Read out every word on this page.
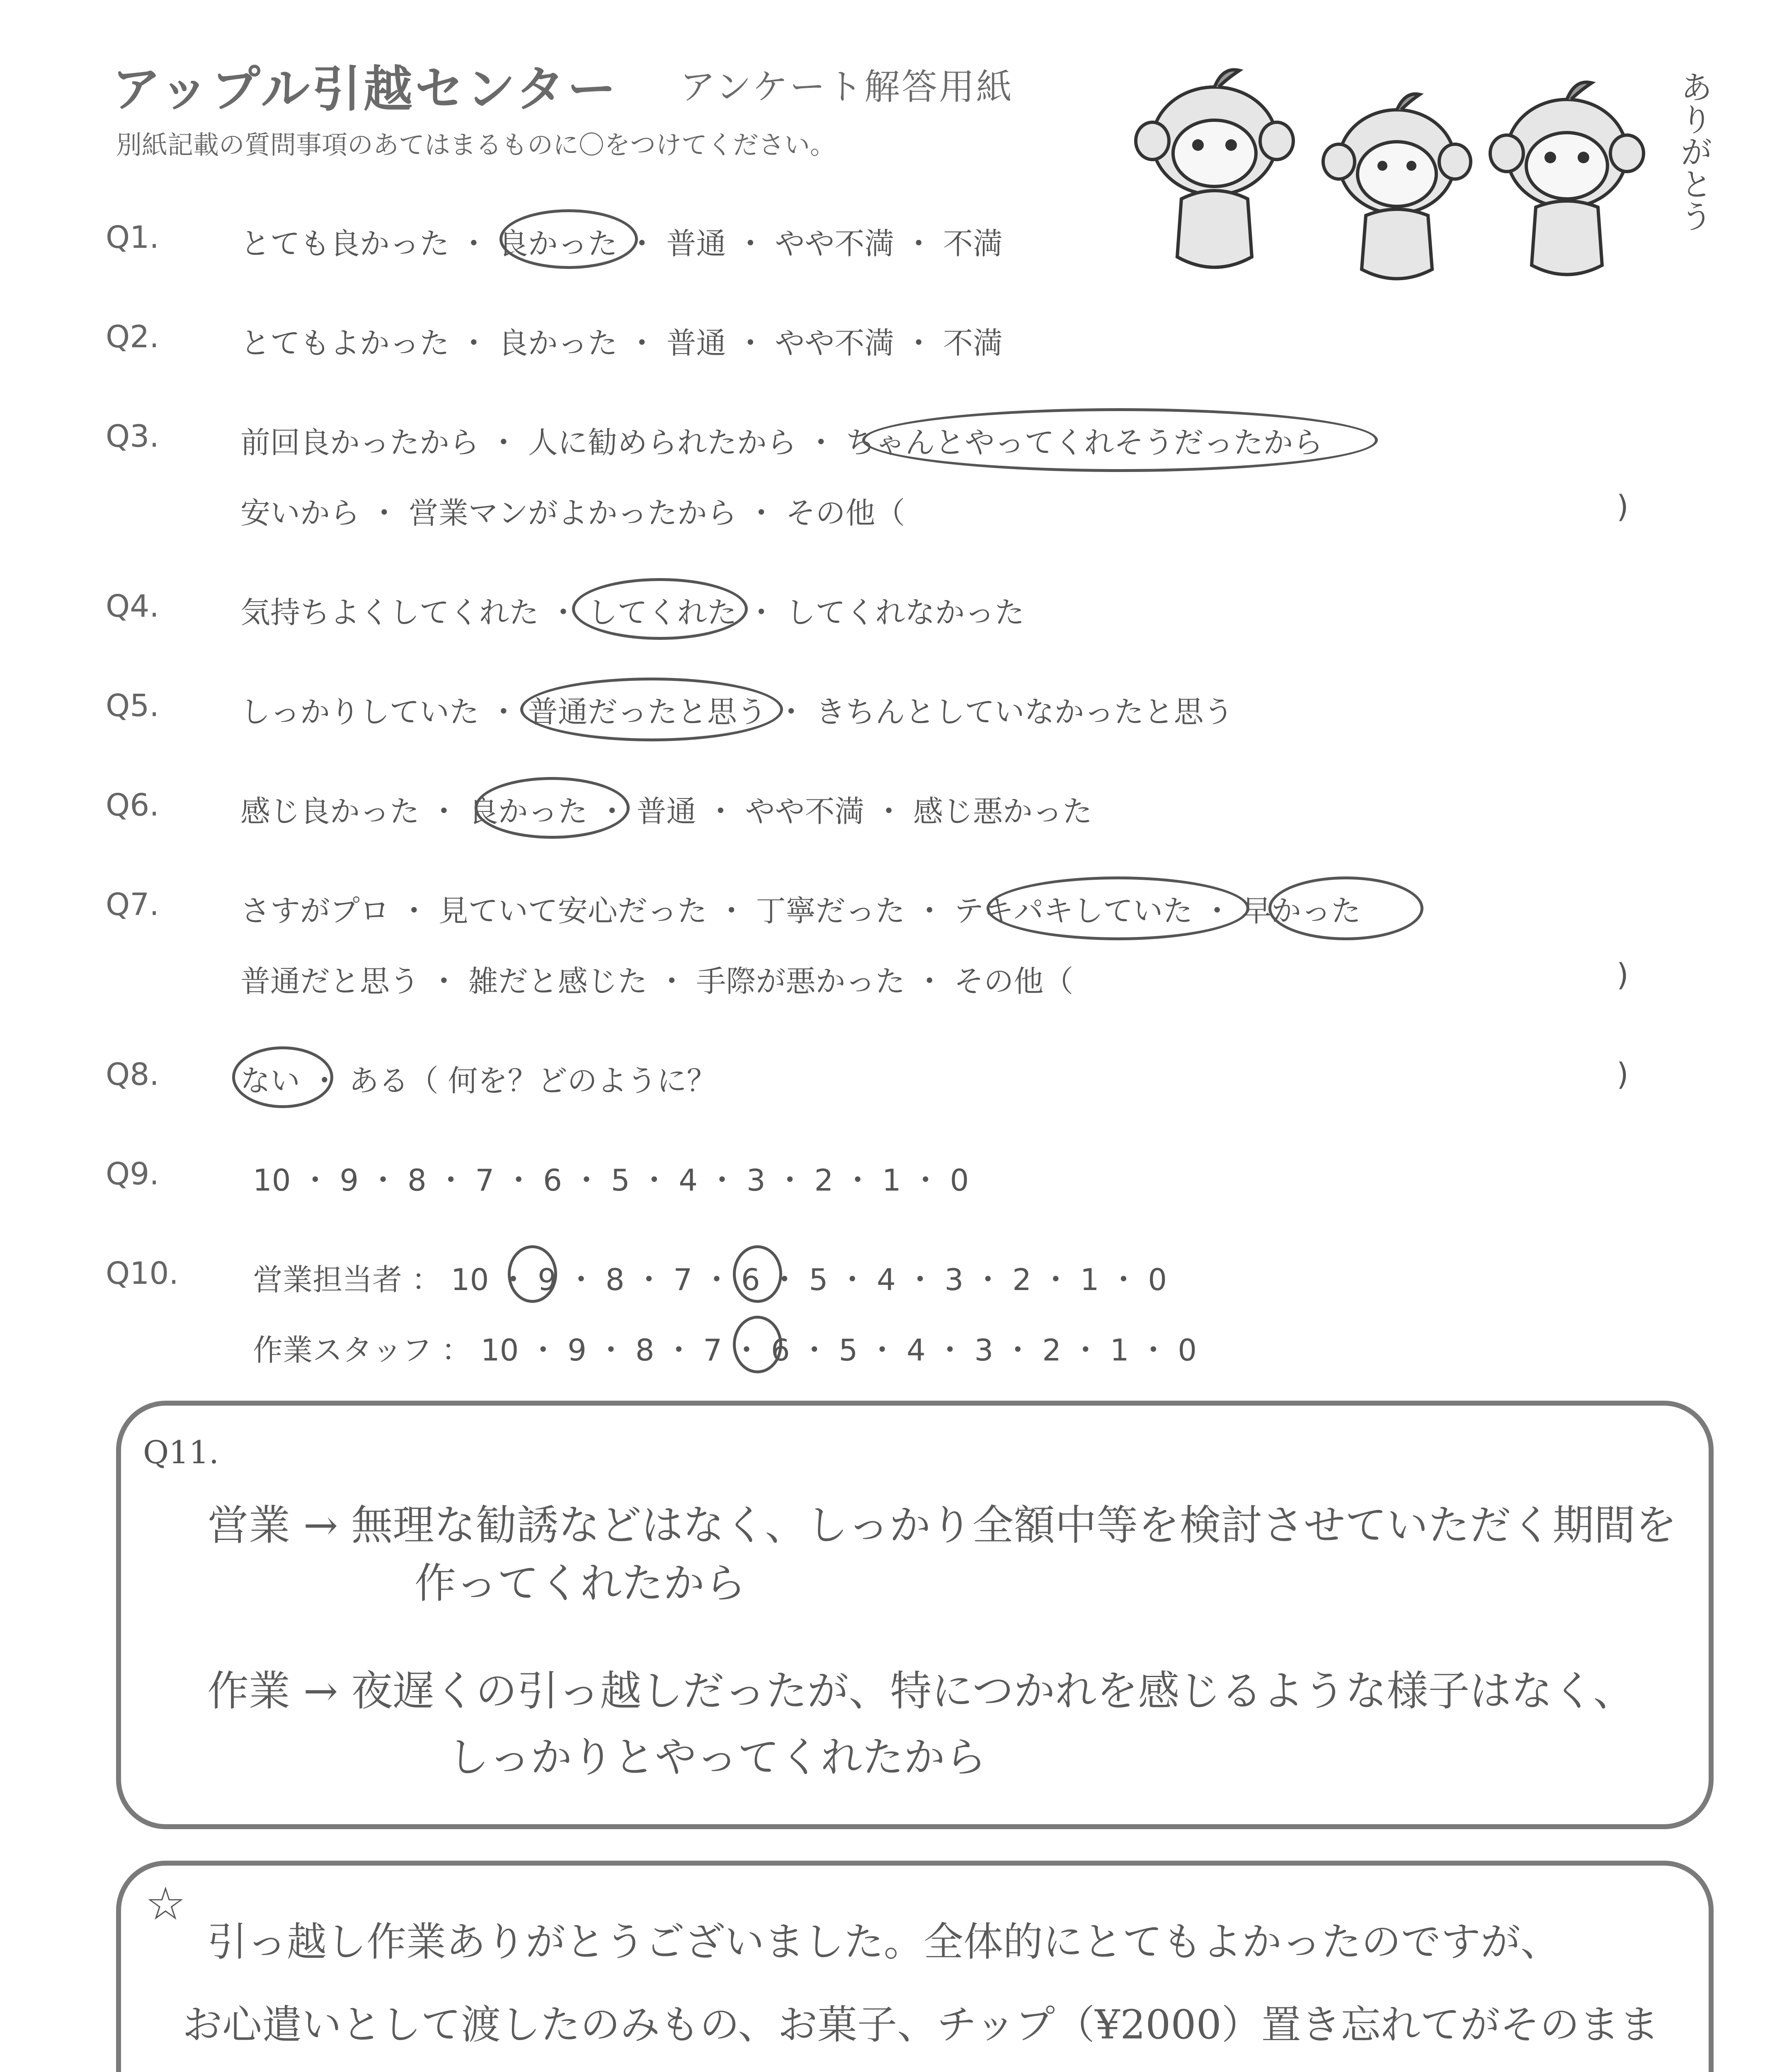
アップル引越センター アンケート解答用紙
別紙記載の質問事項のあてはまるものに〇をつけてください。	ありがとう
Q1.	とても良かった ・ 良かった ・ 普通 ・ やや不満 ・ 不満
Q2.	とてもよかった ・ 良かった ・ 普通 ・ やや不満 ・ 不満
Q3.	前回良かったから ・ 人に勧められたから ・ ちゃんとやってくれそうだったから
安いから ・ 営業マンがよかったから ・ その他（	)
Q4.	気持ちよくしてくれた ・ してくれた ・ してくれなかった
Q5.	しっかりしていた ・ 普通だったと思う ・ きちんとしていなかったと思う
Q6.	感じ良かった ・ 良かった ・ 普通 ・ やや不満 ・ 感じ悪かった
Q7.	さすがプロ ・ 見ていて安心だった ・ 丁寧だった ・ テキパキしていた ・ 早かった
普通だと思う ・ 雑だと感じた ・ 手際が悪かった ・ その他（	)
Q8.	ない ・ ある（ 何を？どのように？	)
Q9.	10 ・ 9 ・ 8 ・ 7 ・ 6 ・ 5 ・ 4 ・ 3 ・ 2 ・ 1 ・ 0
Q10. 営業担当者 ： 10 ・ 9 ・ 8 ・ 7 ・ 6 ・ 5 ・ 4 ・ 3 ・ 2 ・ 1 ・ 0
作業スタッフ ： 10 ・ 9 ・ 8 ・ 7 ・ 6 ・ 5 ・ 4 ・ 3 ・ 2 ・ 1 ・ 0
Q11.
営業 → 無理な勧誘などはなく、しっかり全額中等を検討させていただく期間を
作ってくれたから
作業 → 夜遅くの引っ越しだったが、特につかれを感じるような様子はなく、
しっかりとやってくれたから
☆
引っ越し作業ありがとうございました。全体的にとてもよかったのですが、
お心遣いとして渡したのみもの、お菓子、チップ（¥2000）置き忘れてがそのまま
